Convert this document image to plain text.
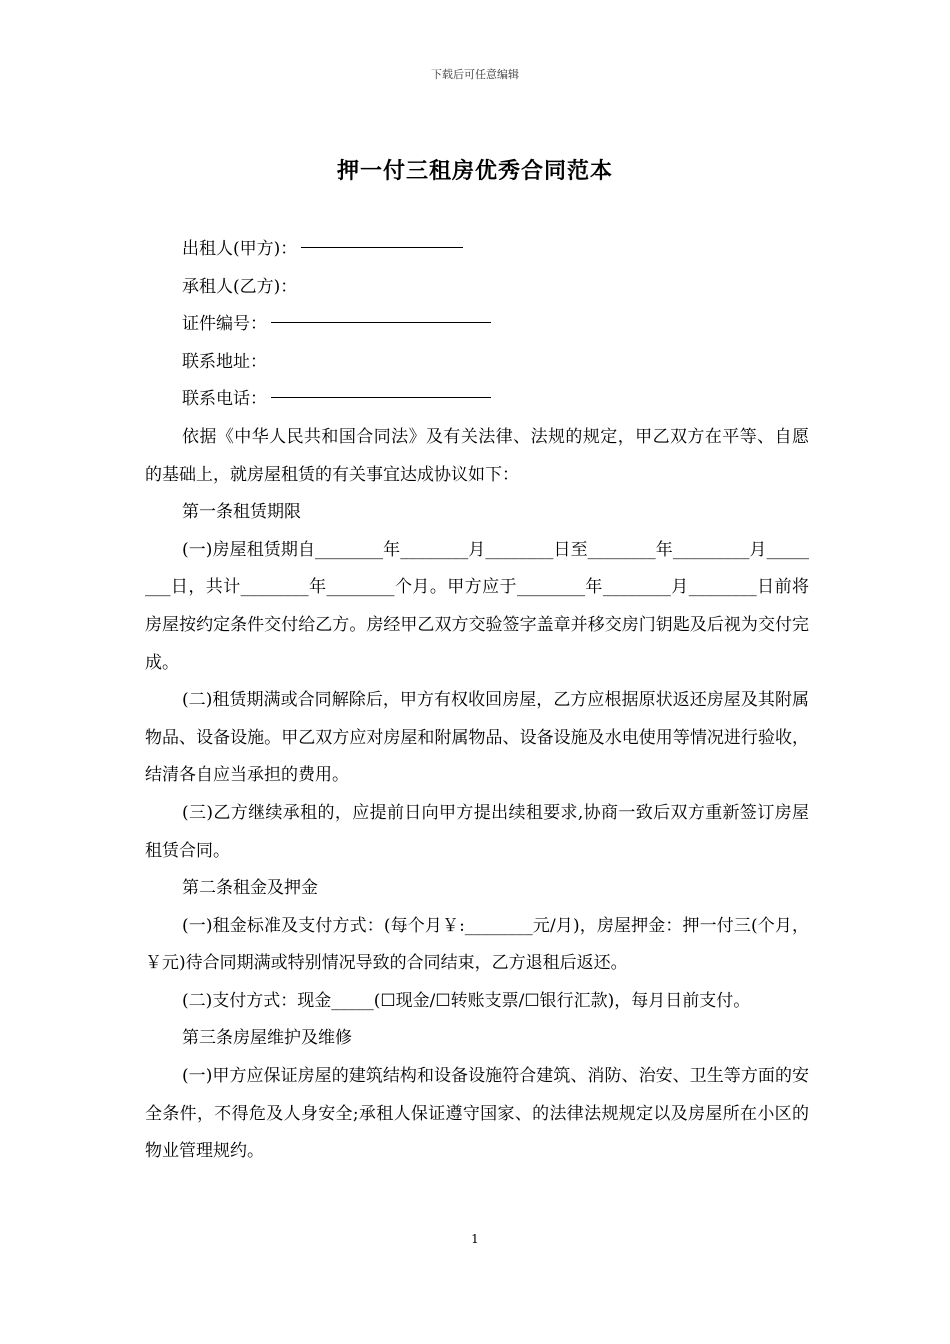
下载后可任意编辑
押一付三租房优秀合同范本
出租人(甲方)：
承租人(乙方)：
证件编号：
联系地址：
联系电话：
依据《中华人民共和国合同法》及有关法律、法规的规定，甲乙双方在平等、自愿的基础上，就房屋租赁的有关事宜达成协议如下：
第一条租赁期限
(一)房屋租赁期自________年________月________日至________年_________月________日，共计________年________个月。甲方应于________年________月________日前将房屋按约定条件交付给乙方。房经甲乙双方交验签字盖章并移交房门钥匙及后视为交付完成。
(二)租赁期满或合同解除后，甲方有权收回房屋，乙方应根据原状返还房屋及其附属物品、设备设施。甲乙双方应对房屋和附属物品、设备设施及水电使用等情况进行验收，结清各自应当承担的费用。
(三)乙方继续承租的，应提前日向甲方提出续租要求,协商一致后双方重新签订房屋租赁合同。
第二条租金及押金
(一)租金标准及支付方式：(每个月￥:________元/月)，房屋押金：押一付三(个月，￥元)待合同期满或特别情况导致的合同结束，乙方退租后返还。
(二)支付方式：现金_____(☐现金/☐转账支票/☐银行汇款)，每月日前支付。
第三条房屋维护及维修
(一)甲方应保证房屋的建筑结构和设备设施符合建筑、消防、治安、卫生等方面的安全条件，不得危及人身安全;承租人保证遵守国家、的法律法规规定以及房屋所在小区的物业管理规约。
1
